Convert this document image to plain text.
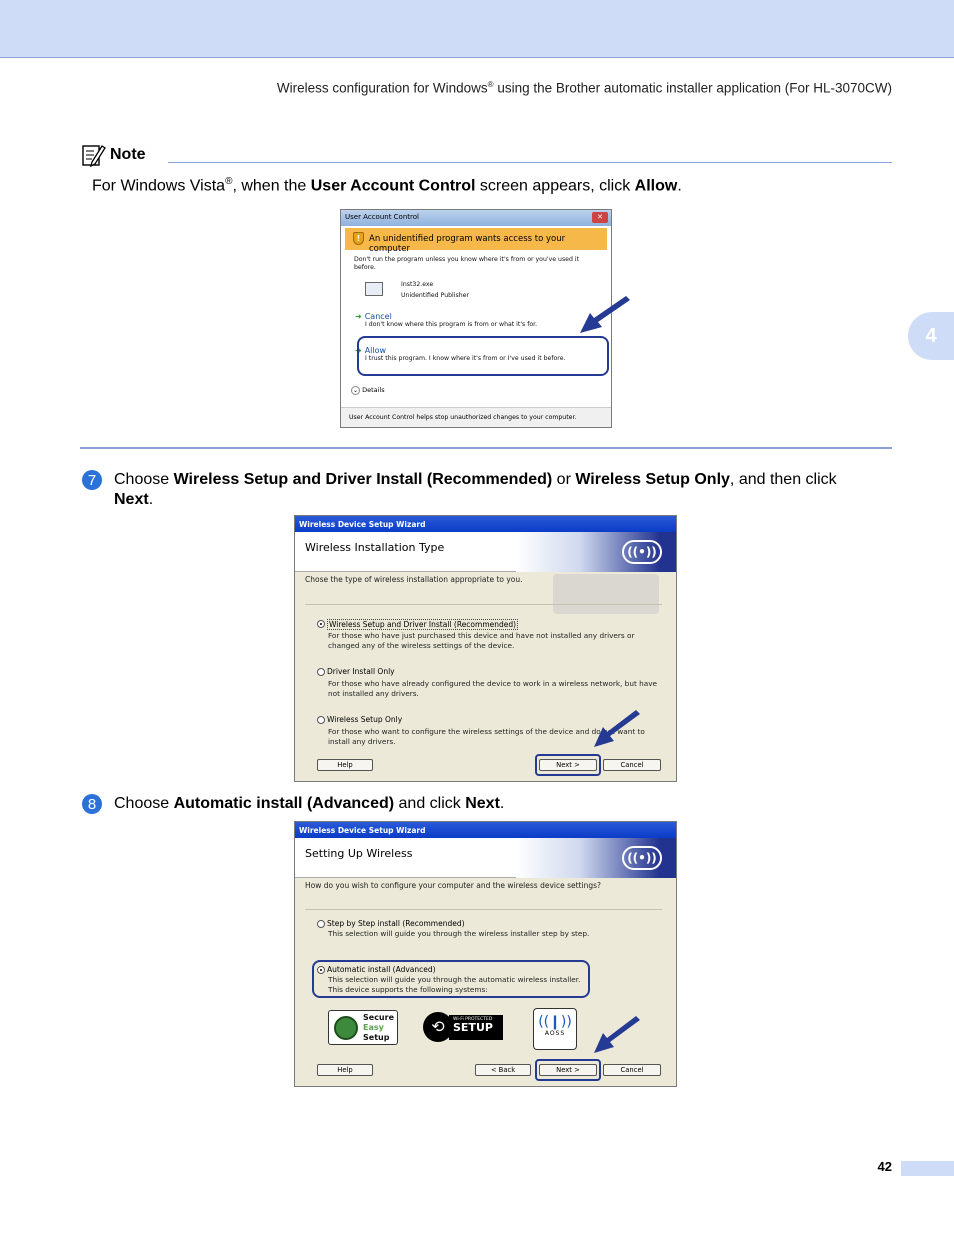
Wireless configuration for Windows® using the Brother automatic installer application (For HL-3070CW)
4
Note
For Windows Vista®, when the User Account Control screen appears, click Allow.
User Account Control	✕
!	An unidentified program wants access to your computer
Don't run the program unless you know where it's from or you've used it before.
Inst32.exe
Unidentified Publisher
➜ Cancel
I don't know where this program is from or what it's for.
➜ Allow
I trust this program. I know where it's from or I've used it before.
⌄ Details
User Account Control helps stop unauthorized changes to your computer.
7	Choose Wireless Setup and Driver Install (Recommended) or Wireless Setup Only, and then click
Next.
Wireless Device Setup Wizard
Wireless Installation Type	((•))
Chose the type of wireless installation appropriate to you.
Wireless Setup and Driver Install (Recommended)
For those who have just purchased this device and have not installed any drivers or
changed any of the wireless settings of the device.
Driver Install Only
For those who have already configured the device to work in a wireless network, but have
not installed any drivers.
Wireless Setup Only
For those who want to configure the wireless settings of the device and do not want to
install any drivers.
Help	Next >	Cancel
8	Choose Automatic install (Advanced) and click Next.
Wireless Device Setup Wizard
Setting Up Wireless	((•))
How do you wish to configure your computer and the wireless device settings?
Step by Step install (Recommended)
This selection will guide you through the wireless installer step by step.
Automatic install (Advanced)
This selection will guide you through the automatic wireless installer.
This device supports the following systems:
Secure
Easy
Setup
⟲	Wi-Fi PROTECTED
SETUP	((❙))
AOSS
Help	< Back	Next >	Cancel
42
